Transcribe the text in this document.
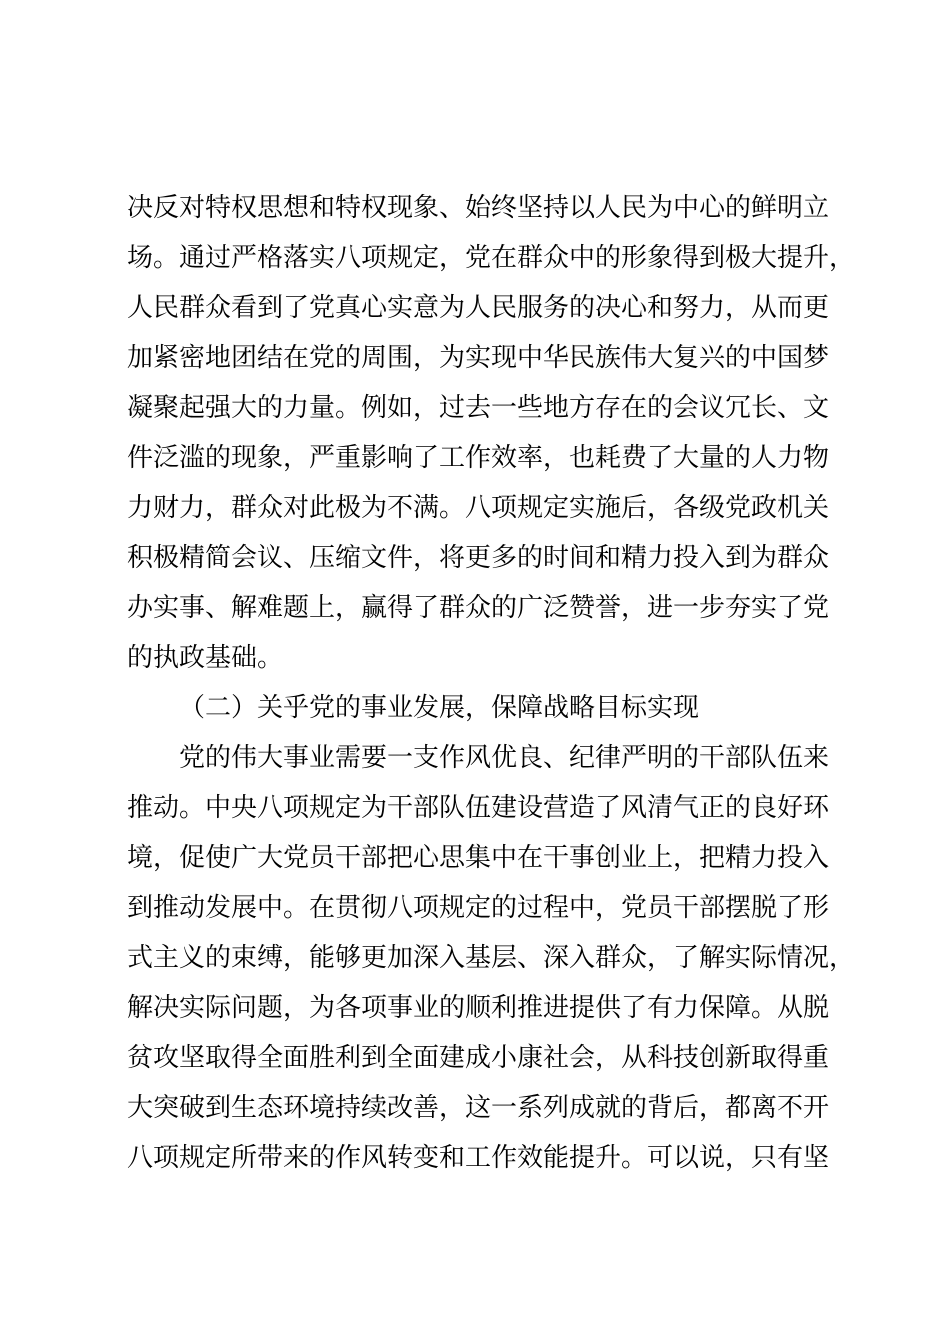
决反对特权思想和特权现象、始终坚持以人民为中心的鲜明立
场。通过严格落实八项规定，党在群众中的形象得到极大提升，
人民群众看到了党真心实意为人民服务的决心和努力，从而更
加紧密地团结在党的周围，为实现中华民族伟大复兴的中国梦
凝聚起强大的力量。例如，过去一些地方存在的会议冗长、文
件泛滥的现象，严重影响了工作效率，也耗费了大量的人力物
力财力，群众对此极为不满。八项规定实施后，各级党政机关
积极精简会议、压缩文件，将更多的时间和精力投入到为群众
办实事、解难题上，赢得了群众的广泛赞誉，进一步夯实了党
的执政基础。
（二）关乎党的事业发展，保障战略目标实现
党的伟大事业需要一支作风优良、纪律严明的干部队伍来
推动。中央八项规定为干部队伍建设营造了风清气正的良好环
境，促使广大党员干部把心思集中在干事创业上，把精力投入
到推动发展中。在贯彻八项规定的过程中，党员干部摆脱了形
式主义的束缚，能够更加深入基层、深入群众，了解实际情况，
解决实际问题，为各项事业的顺利推进提供了有力保障。从脱
贫攻坚取得全面胜利到全面建成小康社会，从科技创新取得重
大突破到生态环境持续改善，这一系列成就的背后，都离不开
八项规定所带来的作风转变和工作效能提升。可以说，只有坚
